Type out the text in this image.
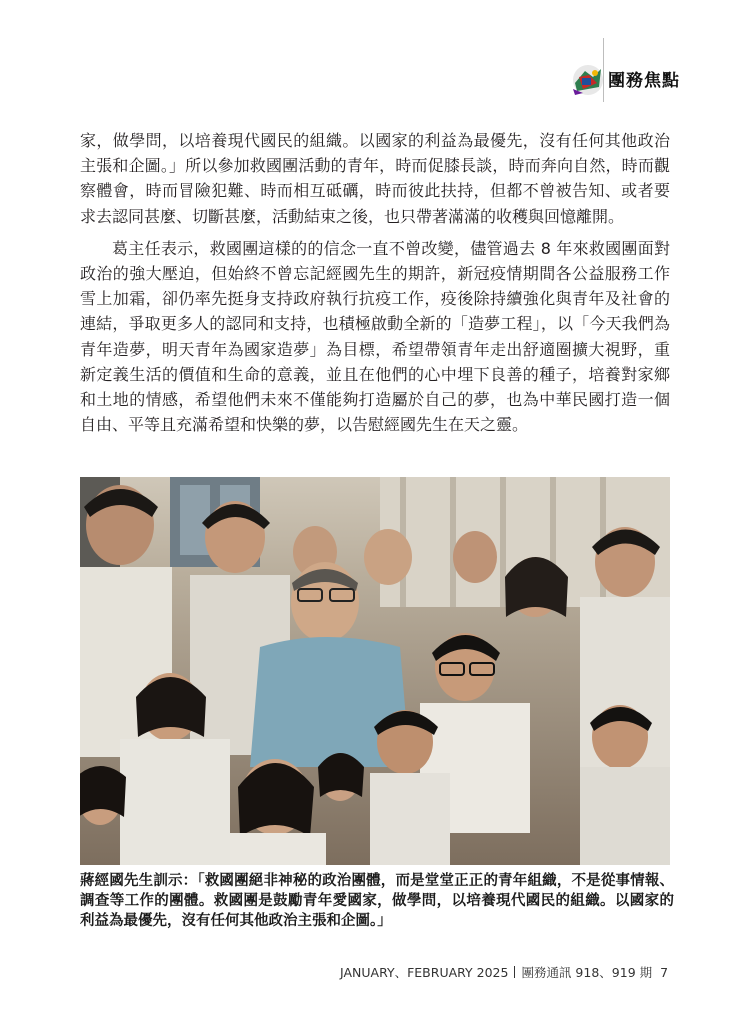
團務焦點

家，做學問，以培養現代國民的組織。以國家的利益為最優先，沒有任何其他政治主張和企圖。」所以參加救國團活動的青年，時而促膝長談，時而奔向自然，時而觀察體會，時而冒險犯難、時而相互砥礪，時而彼此扶持，但都不曾被告知、或者要求去認同甚麼、切斷甚麼，活動結束之後，也只帶著滿滿的收穫與回憶離開。

葛主任表示，救國團這樣的的信念一直不曾改變，儘管過去 8 年來救國團面對政治的強大壓迫，但始終不曾忘記經國先生的期許，新冠疫情期間各公益服務工作雪上加霜，卻仍率先挺身支持政府執行抗疫工作，疫後除持續強化與青年及社會的連結，爭取更多人的認同和支持，也積極啟動全新的「造夢工程」，以「今天我們為青年造夢，明天青年為國家造夢」為目標，希望帶領青年走出舒適圈擴大視野，重新定義生活的價值和生命的意義，並且在他們的心中埋下良善的種子，培養對家鄉和土地的情感，希望他們未來不僅能夠打造屬於自己的夢，也為中華民國打造一個自由、平等且充滿希望和快樂的夢，以告慰經國先生在天之靈。

蔣經國先生訓示：「救國團絕非神秘的政治團體，而是堂堂正正的青年組織，不是從事情報、調查等工作的團體。救國團是鼓勵青年愛國家，做學問，以培養現代國民的組織。以國家的利益為最優先，沒有任何其他政治主張和企圖。」
JANUARY、FEBRUARY 2025 團務通訊 918、919 期 7
